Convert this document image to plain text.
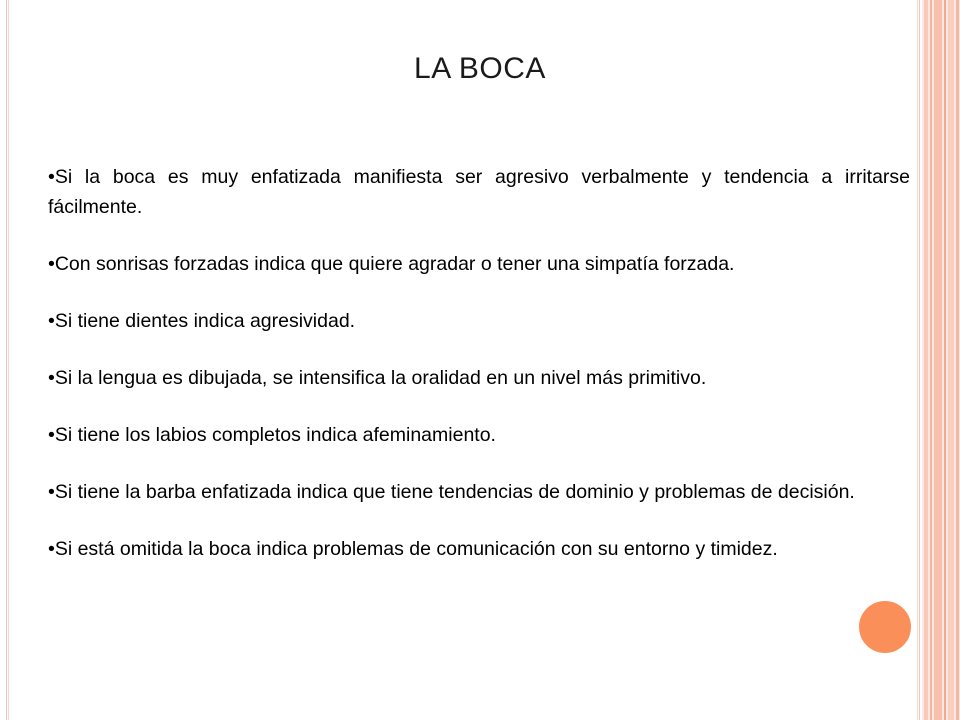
LA BOCA

•Si la boca es muy enfatizada manifiesta ser agresivo verbalmente y tendencia a irritarse fácilmente.

•Con sonrisas forzadas indica que quiere agradar o tener una simpatía forzada.

•Si tiene dientes indica agresividad.

•Si la lengua es dibujada, se intensifica la oralidad en un nivel más primitivo.

•Si tiene los labios completos indica afeminamiento.

•Si tiene la barba enfatizada indica que tiene tendencias de dominio y problemas de decisión.

•Si está omitida la boca indica problemas de comunicación con su entorno y timidez.
